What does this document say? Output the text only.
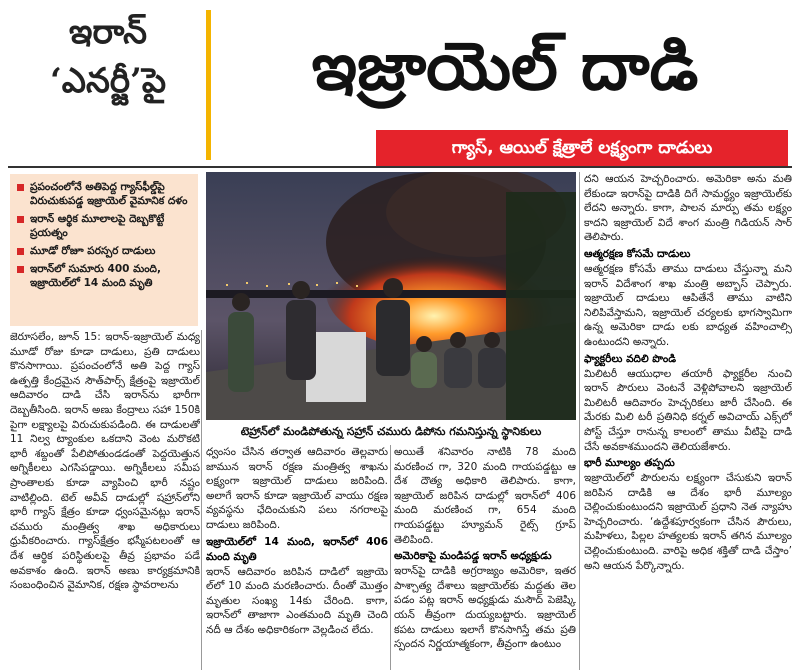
ఇరాన్
‘ఎనర్జీ’పై	ఇజ్రాయెల్ దాడి
గ్యాస్, ఆయిల్ క్షేత్రాలే లక్ష్యంగా దాడులు
ప్రపంచంలోనే అతిపెద్ద గ్యాస్‌ఫీల్డ్‌పై విరుచుకుపడ్డ ఇజ్రాయెల్ వైమానిక దళం
ఇరాన్ ఆర్థిక మూలాలపై దెబ్బకొట్టే ప్రయత్నం
మూడో రోజూ పరస్పర దాడులు
ఇరాన్‌లో సుమారు 400 మంది, ఇజ్రాయెల్‌లో 14 మంది మృతి
టెహ్రాన్‌లో మండిపోతున్న సహ్రాన్ చమురు డిపోను గమనిస్తున్న స్థానికులు

జెరూసలేం, జూన్ 15: ఇరాన్-ఇజ్రాయెల్ మధ్య మూడో రోజు కూడా దాడులు, ప్రతి దాడులు కొనసాగాయి. ప్రపంచంలోనే అతి పెద్ద గ్యాస్ ఉత్పత్తి కేంద్రమైన సౌత్‌పార్స్ క్షేత్రంపై ఇజ్రాయెల్ ఆదివారం దాడి చేసి ఇరాన్‌ను భారీగా దెబ్బతీసింది. ఇరాన్ అణు కేంద్రాలు సహా 150కి పైగా లక్ష్యాలపై విరుచుకుపడింది. ఈ దాడులతో 11 నిల్వ ట్యాంకుల ఒకదాని వెంట మరొకటి భారీ శబ్దంతో పేలిపోతుండడంతో పెద్దయెత్తున అగ్నికీలలు ఎగసిపడ్డాయి. అగ్నికీలలు సమీప ప్రాంతాలకు కూడా వ్యాపించి భారీ నష్టం వాటిల్లింది. టెల్ అవీవ్ దాడుల్లో షహ్రాన్‌లోని భారీ గ్యాస్ క్షేత్రం కూడా ధ్వంసమైనట్లు ఇరాన్ చమురు మంత్రిత్వ శాఖ అధికారులు ధ్రువీకరించారు. గ్యాస్‌క్షేత్రం భస్మీపటలంతో ఆ దేశ ఆర్థిక పరిస్థితులపై తీవ్ర ప్రభావం పడే అవకాశం ఉంది. ఇరాన్ అణు కార్యక్రమానికి సంబంధించిన వైమానిక, రక్షణ స్థావరాలను

ధ్వంసం చేసిన తర్వాత ఆదివారం తెల్లవారు జామున ఇరాన్ రక్షణ మంత్రిత్వ శాఖను లక్ష్యంగా ఇజ్రాయెల్ దాడులు జరిపింది. అలాగే ఇరాన్ కూడా ఇజ్రాయెల్ వాయు రక్షణ వ్యవస్థను ఛేదించుకుని పలు నగరాలపై దాడులు జరిపింది.

ఇజ్రాయెల్‌లో 14 మంది, ఇరాన్‌లో 406 మంది మృతి

ఇరాన్ ఆదివారం జరిపిన దాడిలో ఇజ్రాయె ల్‌లో 10 మంది మరణించారు. దీంతో మొత్తం మృతుల సంఖ్య 14కు చేరింది. కాగా, ఇరాన్‌లో తాజాగా ఎంతమంది మృతి చెంది నదీ ఆ దేశం అధికారికంగా వెల్లడించ లేదు.

అయితే శనివారం నాటికి 78 మంది మరణించ గా, 320 మంది గాయపడ్డట్టు ఆ దేశ దౌత్య అధికారి తెలిపారు. కాగా, ఇజ్రాయెల్ జరిపిన దాడుల్లో ఇరాన్‌లో 406 మంది మరణించ గా, 654 మంది గాయపడ్డట్టు హ్యూమన్ రైట్స్ గ్రూప్ తెలిపింది.

అమెరికాపై మండిపడ్డ ఇరాన్ అధ్యక్షుడు

ఇరాన్‌పై దాడికి అగ్రరాజ్యం అమెరికా, ఇతర పాశ్చాత్య దేశాలు ఇజ్రాయెల్‌కు మద్దతు తెల పడం పట్ల ఇరాన్ అధ్యక్షుడు మసౌద్ పెజెష్కి యన్ తీవ్రంగా దుయ్యబట్టారు. ఇజ్రాయెల్ కపట దాడులు ఇలాగే కొనసాగిస్తే తమ ప్రతి స్పందన నిర్ణయాత్మకంగా, తీవ్రంగా ఉంటుం

దని ఆయన హెచ్చరించారు. అమెరికా అను మతి లేకుండా ఇరాన్‌పై దాడికి దిగే సామర్థ్యం ఇజ్రాయెల్‌కు లేదని అన్నారు. కాగా, పాలన మార్పు తమ లక్ష్యం కాదని ఇజ్రాయెల్ విదే శాంగ మంత్రి గిడియన్ సార్ తెలిపారు.

ఆత్మరక్షణ కోసమే దాడులు

ఆత్మరక్షణ కోసమే తాము దాడులు చేస్తున్నా మని ఇరాన్ విదేశాంగ శాఖ మంత్రి అబ్బాస్ చెప్పారు. ఇజ్రాయెల్ దాడులు ఆపితేనే తాము వాటిని నిలిపివేస్తామని, ఇజ్రాయెల్ చర్యలకు భాగస్వామిగా ఉన్న అమెరికా దాడు లకు బాధ్యత వహించాల్సి ఉంటుందని అన్నారు.

ఫ్యాక్టరీలు వదిలి పొండి

మిలిటరీ ఆయుధాల తయారీ ఫ్యాక్టరీల నుంచి ఇరాన్ పౌరులు వెంటనే వెళ్లిపోవాలని ఇజ్రాయెల్ మిలిటరీ ఆదివారం హెచ్చరికలు జారీ చేసింది. ఈ మేరకు మిలి టరీ ప్రతినిధి కర్నల్ అవిచాయ్ ఎక్స్‌లో పోస్ట్ చేస్తూ రానున్న కాలంలో తాము వీటిపై దాడి చేసే అవకాశముందని తెలియజేశారు.

భారీ మూల్యం తప్పదు

ఇజ్రాయెల్‌లో పౌరులను లక్ష్యంగా చేసుకుని ఇరాన్ జరిపిన దాడికి ఆ దేశం భారీ మూల్యం చెల్లించుకుంటుందని ఇజ్రాయెల్ ప్రధాని నెత న్యాహు హెచ్చరించారు. ‘ఉద్దేశపూర్వకంగా చేసిన పౌరులు, మహిళలు, పిల్లల హత్యలకు ఇరాన్ తగిన మూల్యం చెల్లించుకుంటుంది. వారిపై అధిక శక్తితో దాడి చేస్తాం’ అని ఆయన పేర్కొన్నారు.
